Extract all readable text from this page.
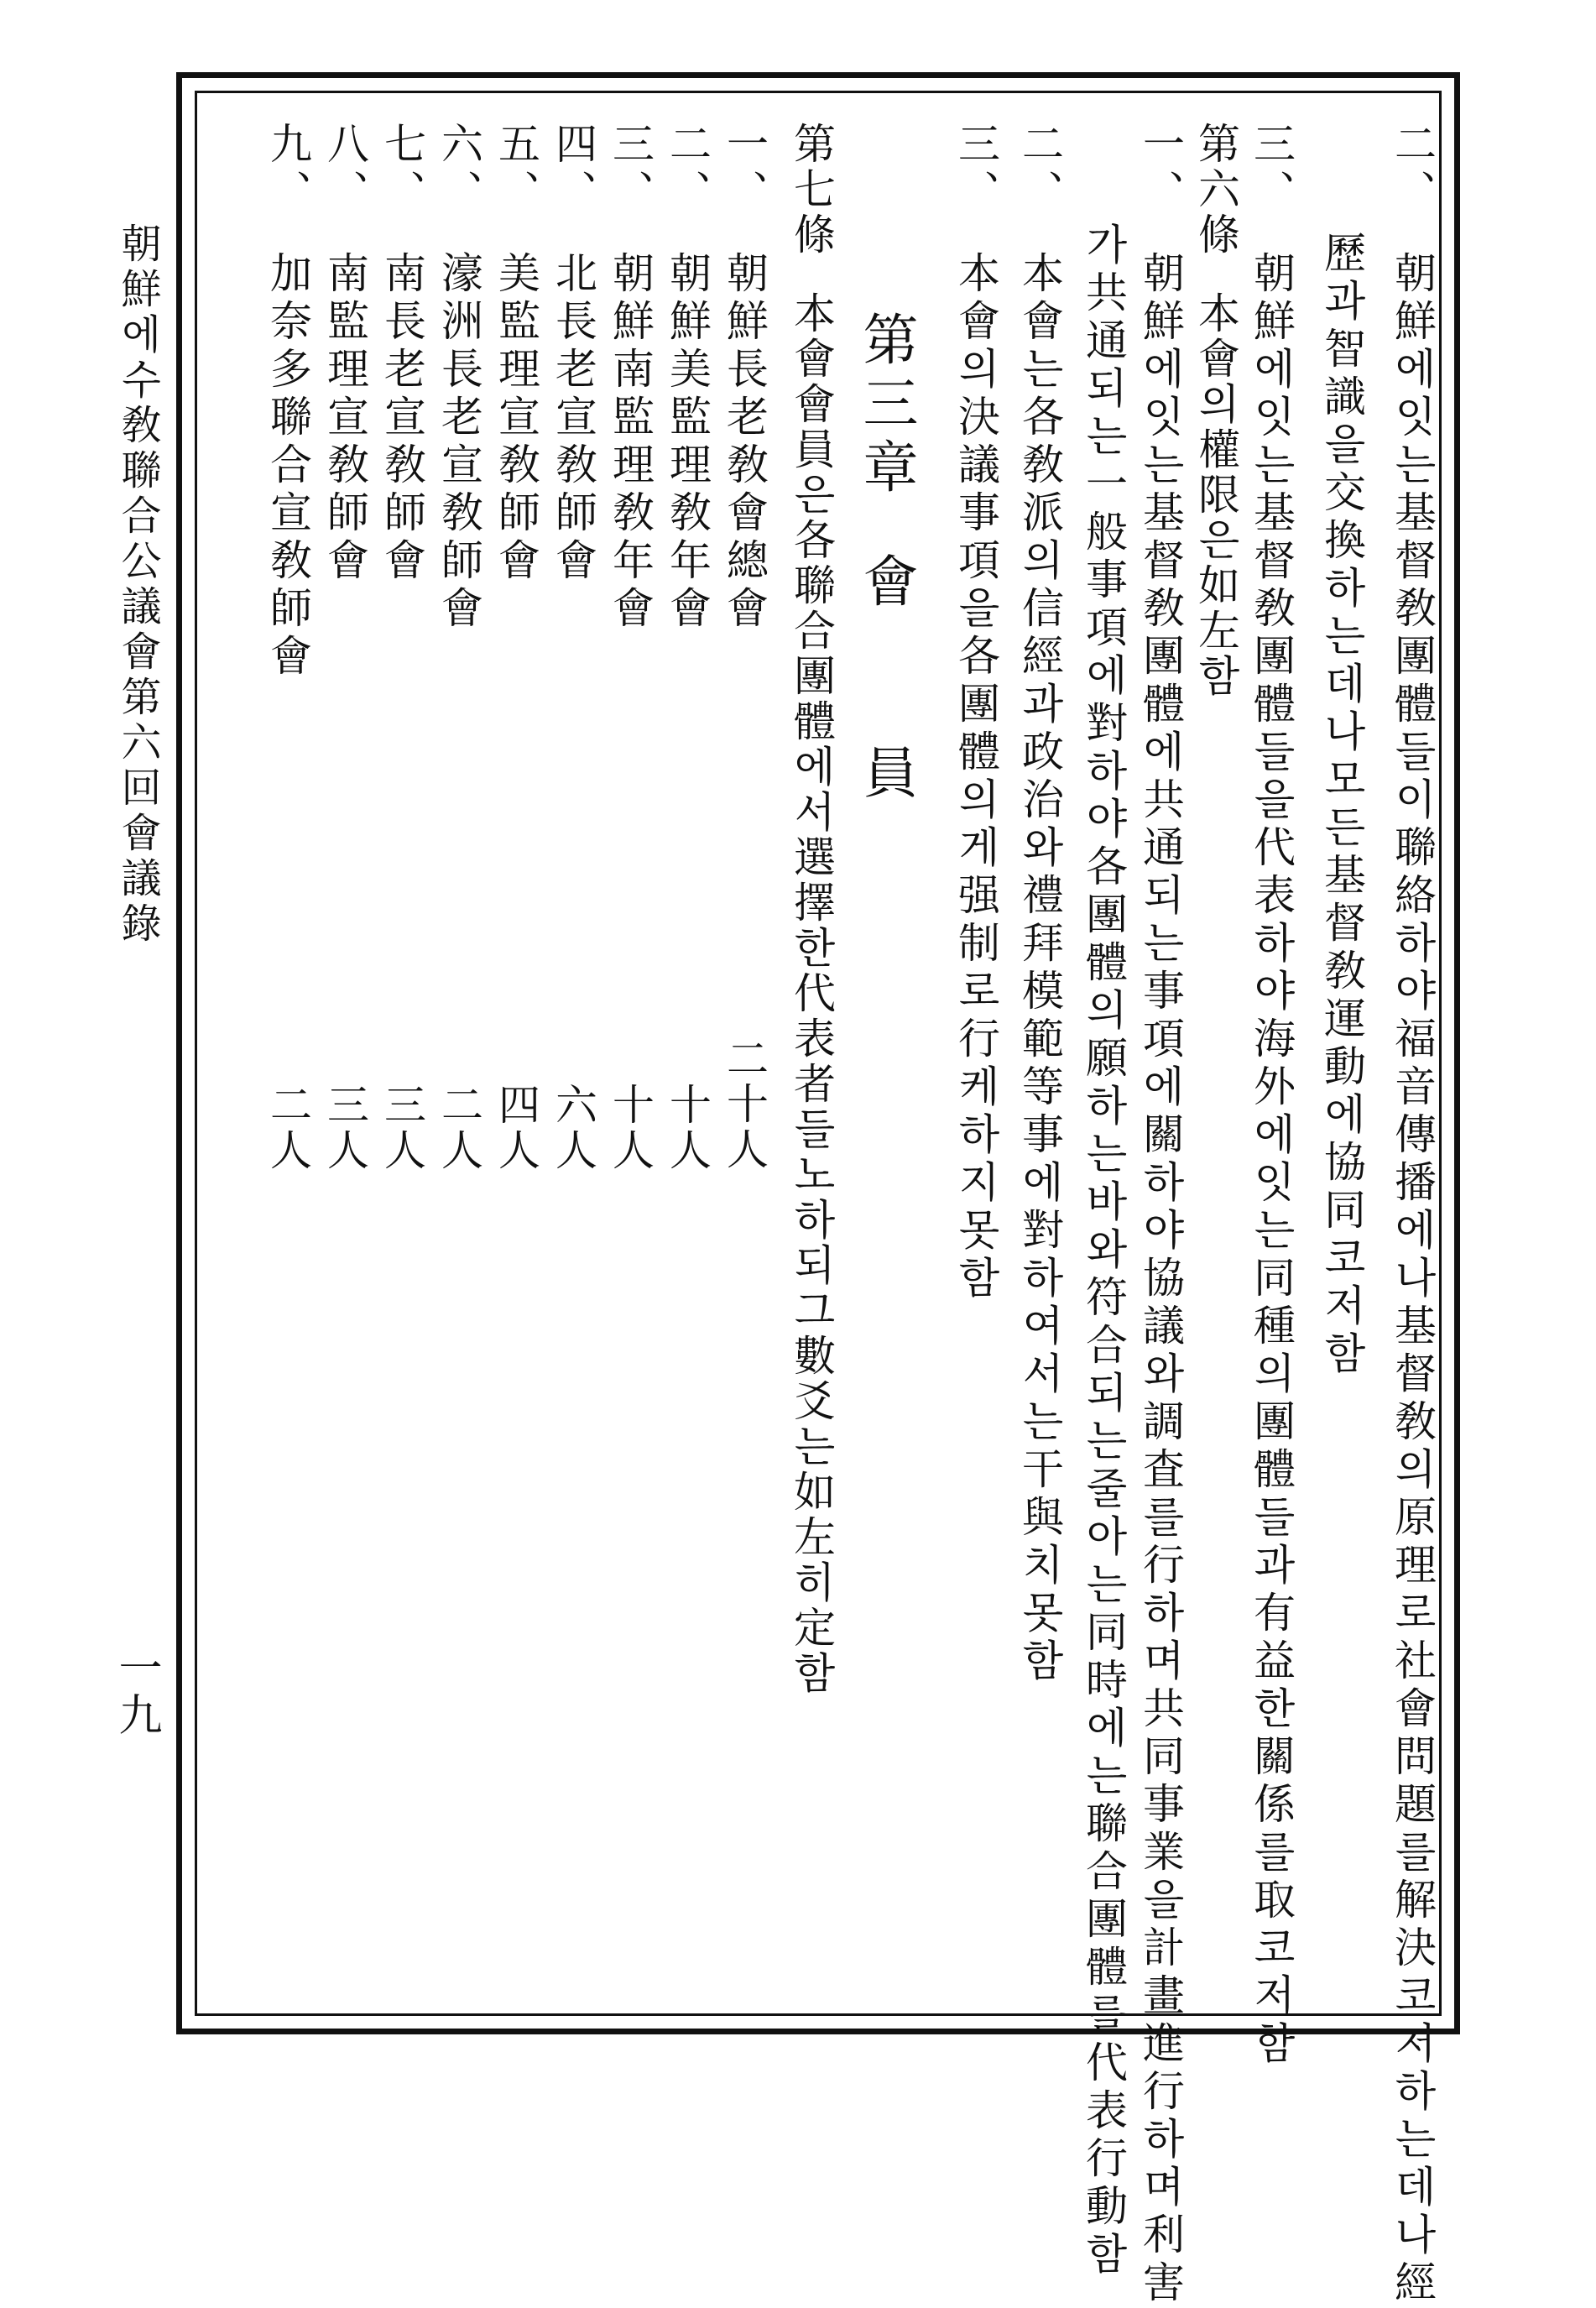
二、朝鮮에잇는基督敎團體들이聯絡하야福音傳播에나基督敎의原理로社會問題를解決코저하는데나經
歷과智識을交換하는데나모든基督敎運動에協同코저함
三、朝鮮에잇는基督敎團體들을代表하야海外에잇는同種의團體들과有益한關係를取코저함
第六條本會의權限은如左함
一、朝鮮에잇는基督敎團體에共通되는事項에關하야協議와調査를行하며共同事業을計畫進行하며利害
가共通되는一般事項에對하야各團體의願하는바와符合되는줄아는同時에는聯合團體를代表行動함
二、本會는各敎派의信經과政治와禮拜模範等事에對하여서는干與치못함
三、本會의決議事項을各團體의게强制로行케하지못함
第三章會　　員
第七條本會會員은各聯合團體에서選擇한代表者들노하되그數爻는如左히定함
一、朝鮮長老敎會總會
二十人
二、朝鮮美監理敎年會
十人
三、朝鮮南監理敎年會
十人
四、北長老宣敎師會
六人
五、美監理宣敎師會
四人
六、濠洲長老宣敎師會
二人
七、南長老宣敎師會
三人
八、南監理宣敎師會
三人
九、加奈多聯合宣敎師會
二人
朝鮮에수敎聯合公議會第六回會議錄
一九
